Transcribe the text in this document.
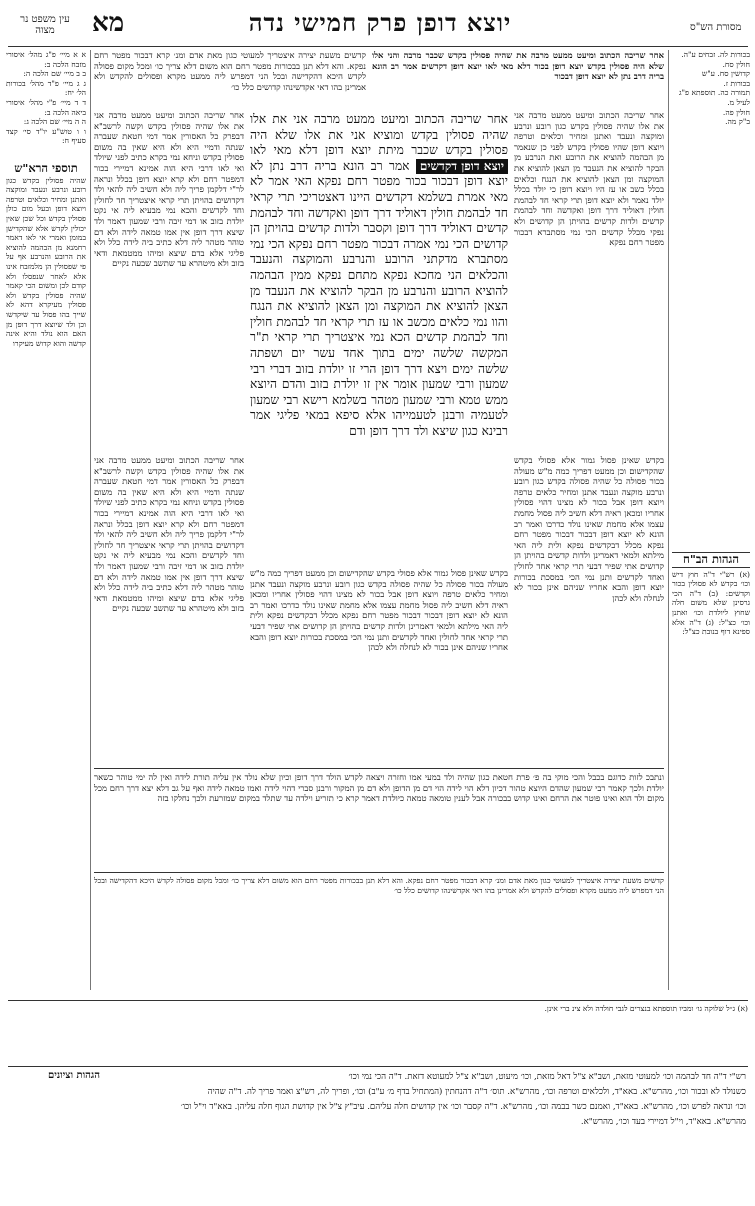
עין משפט נר מצוה	מא	יוצא דופן פרק חמישי נדה	מסורת הש"ס

א א מיי׳ פ"ג מהל׳ איסורי מזבח הלכה ב:

ב ב מיי׳ שם הלכה ה:

ג ג מיי׳ פ"ד מהל׳ בכורות הל׳ יח:

ד ד מיי׳ פ"י מהל׳ איסורי ביאה הלכה ב:

ה ה מיי׳ שם הלכה ג:

ו ו טוש"ע יו"ד סי׳ קצד סעיף ח:

תוספי הרא"ש

שהיה פסולין בקדש כגון רובע ונרבע ונעבד ומוקצה ואתנן ומחיר וכלאים וטרפה ויוצא דופן ובעל מום כולן פסולין בקדש וכל שכן שאין יכולין לקדש אלא שהקדישן במומן ואמרי אי לאו דאמר רחמנא מן הבהמה להוציא את הרובע והנרבע אף על פי שפסולין הן מלמזבח אינו אלא לאחר שנפסלו ולא קודם לכן ומשום הכי קאמר שהיה פסולין בקדש ולא פסולין מעיקרא דהא לא שייך בהו פסול עד שיקדשו וכן ולד שיוצא דרך דופן מן האם הוא נולד והיא אינה קדשה והוא קדוש מעיקרו

בכורות לה. זבחים ע"ה.

חולין סח.

קדושין סח. ע"ש

בכורות ז.

תמורה כה. תוספתא פ"ג

לעיל מ.

חולין פה.

ב"ק מה.

הגהות הב"ח

(א) רש"י ד"ה חוץ דיש וכו׳ בקדש לא פסולין בכור וקדשים: (ב) ד"ה הכי גרסינן שלא משום חלה שחוץ ליולדת וכו׳ ואתנן וכו׳ כצ"ל: (ג) ד"ה אלא ספינא דוף בנובת כצ"ל:

אחר שריבה הכתוב ומיעט ממעט מרבה את שהיה פסולין בקדש שכבר מרבה והני אלו שלא היה פסולין בקדש יוצא דופן בכור דלא מאי לאו יוצא דופן דקדשים אמר רב הונא בריה דרב נתן לא יוצא דופן דבכור

קדשים משעת יצירה איצטריך למעוטי כגון מאת אדם ומנ׳ קרא דבכור מפטר רחם נפקא. והא דלא תנן בבכורות מפטר רחם הוא משום דלא צריך כו׳ ומכל מקום פסולה לקדש היכא דהקדישה ובכל הני דמפרש ליה ממעט מקרא ופסולים להקדש ולא אמרינן בהו דאי אקדשינהו קדושים כלל כו׳

אחר שריבה הכתוב ומיעט ממעט מרבה אני את אלו שהיה פסולין בקדש כגון רובע ונרבע ומוקצה ונעבד ואתנן ומחיר וכלאים וטרפה ויוצא דופן שהיו פסולין בקדש לפני כן שנאמר מן הבהמה להוציא את הרובע ואת הנרבע מן הבקר להוציא את הנעבד מן הצאן להוציא את המוקצה ומן הצאן להוציא את הנגח וכלאים בכלל כשב או עז היו ויוצא דופן כי יולד בכלל יולד נאמר ולא יוצא דופן תרי קראי חד לבהמת חולין דאוליד דרך דופן ואקדשה וחד לבהמת קדשים ולדות קדשים בהויתן הן קדושים ולא נפקי מכלל קדשים הכי נמי מסתברא דבכור מפטר רחם נפקא

אחר שריבה הכתוב ומיעט ממעט מרבה אני את אלו שהיה פסולין בקדש וקשה לרשב"א דבפרק כל האסורין אמר דמי חטאת שעברה שנתה ודמיי היא ולא היא שאין בה משום פסולין בקדש וניחא נמי בקרא כתיב לפני שיולד ואי לאו דרבי היא הוה אמינא דמיירי בכור דמפטר רחם ולא קרא יוצא דופן בכלל ונראה לר"י דלקמן פריך ליה ולא חשיב ליה להאי ולד דקדושים בהויתן תרי קראי איצטריך חד לחולין וחד לקדשים והכא נמי מבעיא ליה אי נקט יולדת בזוב או דמי זיבה ורבי שמעון דאמר ולד שיצא דרך דופן אין אמו טמאה לידה ולא דם טוהר מטהר ליה דלא כתיב ביה לידה כלל ולא פליגי אלא בדם שיצא ומיהו ממטמאת ודאי בזוב ולא מיטהרא עד שתשב שבעה נקיים

אחר שריבה הכתוב ומיעט ממעט מרבה אני את אלו שהיה פסולין בקדש ומוציא אני את אלו שלא היה פסולין בקדש שכבר מיתת יוצא דופן דלא מאי לאו יוצא דופן דקדשים אמר רב הונא בריה דרב נתן לא יוצא דופן דבכור בכור מפטר רחם נפקא האי אמר לא מאי אמרת בשלמא דקדשים היינו דאצטריכי תרי קראי חד לבהמת חולין דאוליד דרך דופן ואקדשה וחד לבהמת קדשים דאוליד דרך דופן וקסבר ולדות קדשים בהויתן הן קדושים הכי נמי אמרה דבכור מפטר רחם נפקא הכי נמי מסתברא מדקתני הרובע והנרבע והמוקצה והנעבד והכלאים הני מחכא נפקא מתחם נפקא ממין הבהמה להוציא הרובע והנרבע מן הבקר להוציא את הנעבד מן הצאן להוציא את המוקצה ומן הצאן להוציא את הנגח והוו נמי כלאים מכשב או עז תרי קראי חד לבהמת חולין וחד לבהמת קדשים הכא נמי איצטריך תרי קראי ת"ר המקשה שלשה ימים בתוך אחד עשר יום ושפתה שלשה ימים ויצא דרך דופן הרי זו יולדת בזוב דברי רבי שמעון ורבי שמעון אומר אין זו יולדת בזוב והדם היוצא ממש טמא ורבי שמעון מטהר בשלמא רישא רבי שמעון לטעמיה ורבנן לטעמייהו אלא סיפא במאי פליגי אמר רבינא כגון שיצא ולד דרך דופן ודם

בקדש שאינן פסול גמור אלא פסולי בקדש שהקדישום וכן ממעט דפריך כמה מ"ש מעולה בכור פסולה כל שהיה פסולה בקדש כגון רובע ונרבע מוקצה ונעבד אתנן ומחיר כלאים טרפה ויוצא דופן אבל בכור לא מצינו דהוי פסולין אחריו ומכאן ראיה דלא חשיב ליה פסול מחמת עצמו אלא מחמת שאינו נולד כדרכו ואמר רב הונא לא יוצא דופן דבכור דבכור מפטר רחם נפקא מכלל דבקדשים נפקא ולית ליה האי מילתא ולמאי דאמרינן ולדות קדשים בהויתן הן קדושים אתי שפיר דבעי תרי קראי אחד לחולין ואחד לקדשים ותנן נמי הכי במסכת בכורות יוצא דופן והבא אחריו שניהם אינן בכור לא לנחלה ולא לכהן

אחר שריבה הכתוב ומיעט ממעט מרבה אני את אלו שהיה פסולין בקדש וקשה לרשב"א דבפרק כל האסורין אמר דמי חטאת שעברה שנתה ודמיי היא ולא היא שאין בה משום פסולין בקדש וניחא נמי בקרא כתיב לפני שיולד ואי לאו דרבי היא הוה אמינא דמיירי בכור דמפטר רחם ולא קרא יוצא דופן בכלל ונראה לר"י דלקמן פריך ליה ולא חשיב ליה להאי ולד דקדושים בהויתן תרי קראי איצטריך חד לחולין וחד לקדשים והכא נמי מבעיא ליה אי נקט יולדת בזוב או דמי זיבה ורבי שמעון דאמר ולד שיצא דרך דופן אין אמו טמאה לידה ולא דם טוהר מטהר ליה דלא כתיב ביה לידה כלל ולא פליגי אלא בדם שיצא ומיהו ממטמאת ודאי בזוב ולא מיטהרא עד שתשב שבעה נקיים

בקדש שאינן פסול גמור אלא פסולי בקדש שהקדישום וכן ממעט דפריך כמה מ"ש מעולה בכור פסולה כל שהיה פסולה בקדש כגון רובע ונרבע מוקצה ונעבד אתנן ומחיר כלאים טרפה ויוצא דופן אבל בכור לא מצינו דהוי פסולין אחריו ומכאן ראיה דלא חשיב ליה פסול מחמת עצמו אלא מחמת שאינו נולד כדרכו ואמר רב הונא לא יוצא דופן דבכור דבכור מפטר רחם נפקא מכלל דבקדשים נפקא ולית ליה האי מילתא ולמאי דאמרינן ולדות קדשים בהויתן הן קדושים אתי שפיר דבעי תרי קראי אחד לחולין ואחד לקדשים ותנן נמי הכי במסכת בכורות יוצא דופן והבא אחריו שניהם אינן בכור לא לנחלה ולא לכהן

ונתבכ לזות כדוגם בכבל והכי מוקי בה פ׳ פרת חטאת כגון שהיה ולד במעי אמו וחזרה ויצאה לקדש הולד דרך דופן וכיון שלא נולד אין עליה תורת לידה ואין לה ימי טוהר כשאר יולדת ולכך קאמר רבי שמעון שהדם היוצא טהור דכיון דלא הוי לידה הוי דם מן הדופן ולא דם מן המקור ורבנן סברי דהוי לידה ואמו טמאה לידה ואף על גב דלא יצא דרך רחם מכל מקום ולד הוא ואינו פוטר את הרחם ואינו קדוש בבכורה אבל לענין טומאה טמאה כיולדת דאמר קרא כי תזריע וילדה עד שתלד במקום שמזרעת ולכך נחלקו בזה

קדשים משעת יצירה איצטריך למעוטי כגון מאת אדם ומנ׳ קרא דבכור מפטר רחם נפקא. והא דלא תנן בבכורות מפטר רחם הוא משום דלא צריך כו׳ ומכל מקום פסולה לקדש היכא דהקדישה ובכל הני דמפרש ליה ממעט מקרא ופסולים להקדש ולא אמרינן בהו דאי אקדשינהו קדושים כלל כו׳

(א) ג״ל שלוקה גו׳ ומביו תוספתא בנצרים לגבי חולדה ולא צינ ברי אינן.

הגהות וציונים	רש"י ד"ה חד לבהמה וכו׳ למעוטי מזאת, ושב"א צ"ל דאל מזאת, וכו׳ מיעוט, ושב"א צ"ל למעוטא דזאת. ד"ה הכי נמי וכו׳

כשנולד לא ובכור וכו׳, מהרש"א. באא"ד, ולכלאים וטרפה וכו׳, מהרש"א. תוס׳ ד"ה דהנחתין (המתחיל בדף מ׳ ע"ב) וכו׳, ופריך לה, רש"צ ואמר פריך לה. ד"ה שהיה

וכו׳ ונראה לפרש וכו׳, מהרש"א. באא"ד, ואמנם כשר בבמה וכו׳, מהרש"א. ד"ה קסבר וכו׳ אין קדושים חלה עליהם. עיב"ץ צ"ל אין קדושת הגוף חלה עליהן. באא"ד וי"ל וכו׳

מהרש"א. באא"ד, וי"ל דמיירי בעד וכו׳, מהרש"א.
